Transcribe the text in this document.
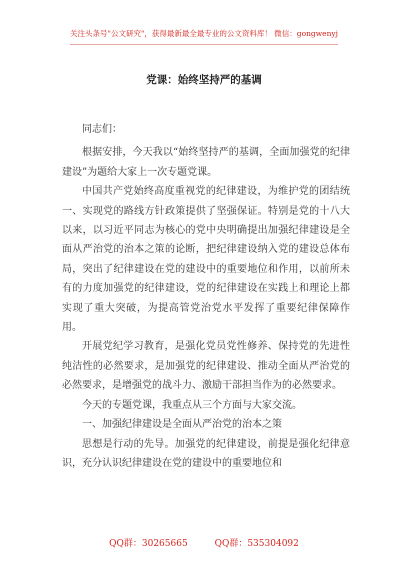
关注头条号"公文研究"，获得最新最全最专业的公文资料库！ 微信：gongwenyj
党课：始终坚持严的基调

同志们：

根据安排，今天我以“始终坚持严的基调，全面加强党的纪律建设”为题给大家上一次专题党课。

中国共产党始终高度重视党的纪律建设，为维护党的团结统一、实现党的路线方针政策提供了坚强保证。特别是党的十八大以来，以习近平同志为核心的党中央明确提出加强纪律建设是全面从严治党的治本之策的论断，把纪律建设纳入党的建设总体布局，突出了纪律建设在党的建设中的重要地位和作用，以前所未有的力度加强党的纪律建设，党的纪律建设在实践上和理论上都实现了重大突破，为提高管党治党水平发挥了重要纪律保障作用。

开展党纪学习教育，是强化党员党性修养、保持党的先进性纯洁性的必然要求，是加强党的纪律建设、推动全面从严治党的必然要求，是增强党的战斗力、激励干部担当作为的必然要求。

今天的专题党课，我重点从三个方面与大家交流。

一、加强纪律建设是全面从严治党的治本之策

思想是行动的先导。加强党的纪律建设，前提是强化纪律意识，充分认识纪律建设在党的建设中的重要地位和

QQ群：30265665	QQ群：535304092
